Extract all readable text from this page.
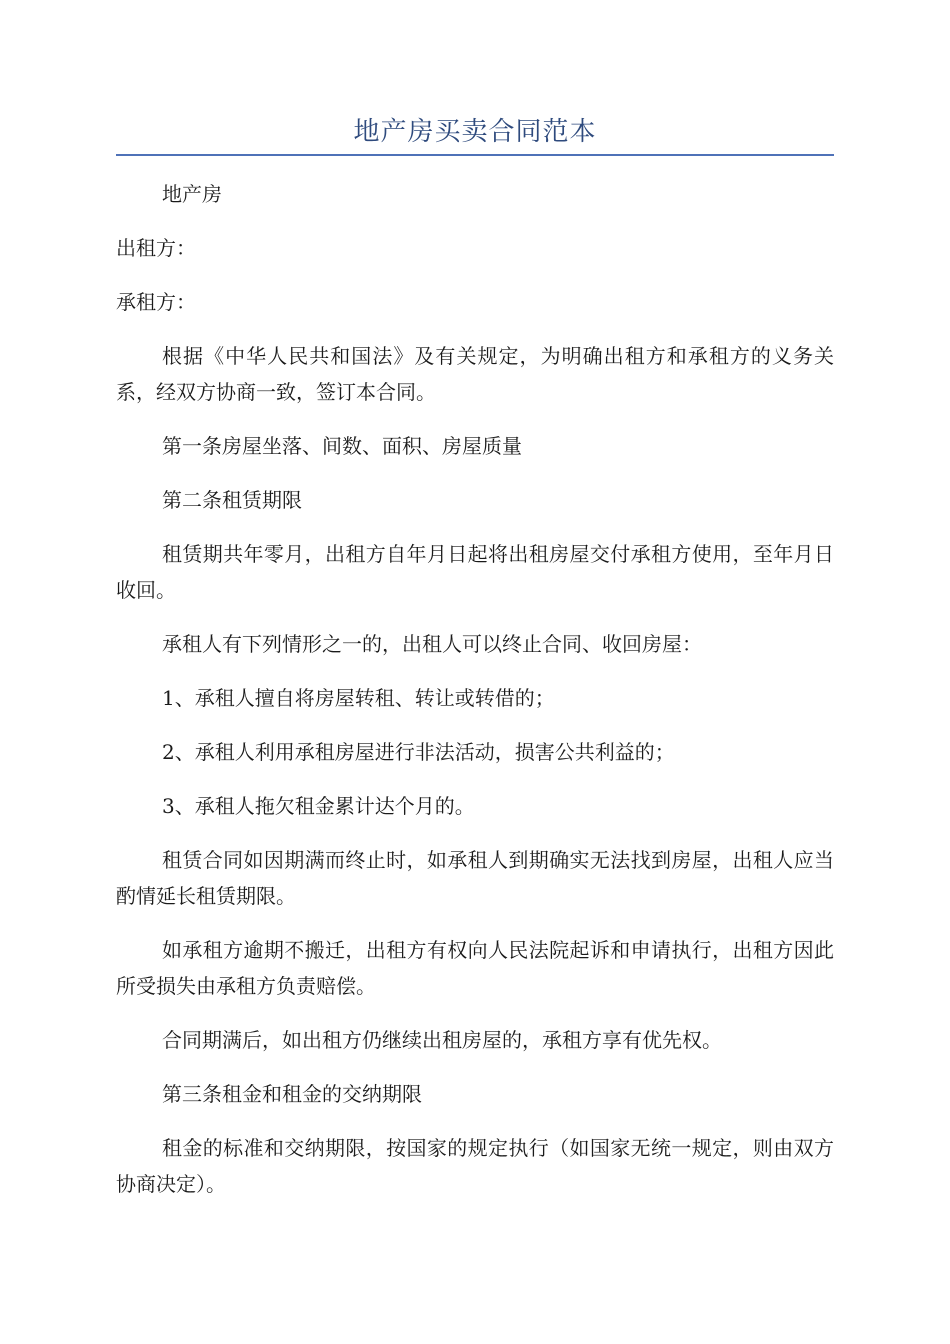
地产房买卖合同范本

地产房

出租方：

承租方：

根据《中华人民共和国法》及有关规定，为明确出租方和承租方的义务关系，经双方协商一致，签订本合同。

第一条房屋坐落、间数、面积、房屋质量

第二条租赁期限

租赁期共年零月，出租方自年月日起将出租房屋交付承租方使用，至年月日收回。

承租人有下列情形之一的，出租人可以终止合同、收回房屋：

1、承租人擅自将房屋转租、转让或转借的；

2、承租人利用承租房屋进行非法活动，损害公共利益的；

3、承租人拖欠租金累计达个月的。

租赁合同如因期满而终止时，如承租人到期确实无法找到房屋，出租人应当酌情延长租赁期限。

如承租方逾期不搬迁，出租方有权向人民法院起诉和申请执行，出租方因此所受损失由承租方负责赔偿。

合同期满后，如出租方仍继续出租房屋的，承租方享有优先权。

第三条租金和租金的交纳期限

租金的标准和交纳期限，按国家的规定执行（如国家无统一规定，则由双方协商决定）。
